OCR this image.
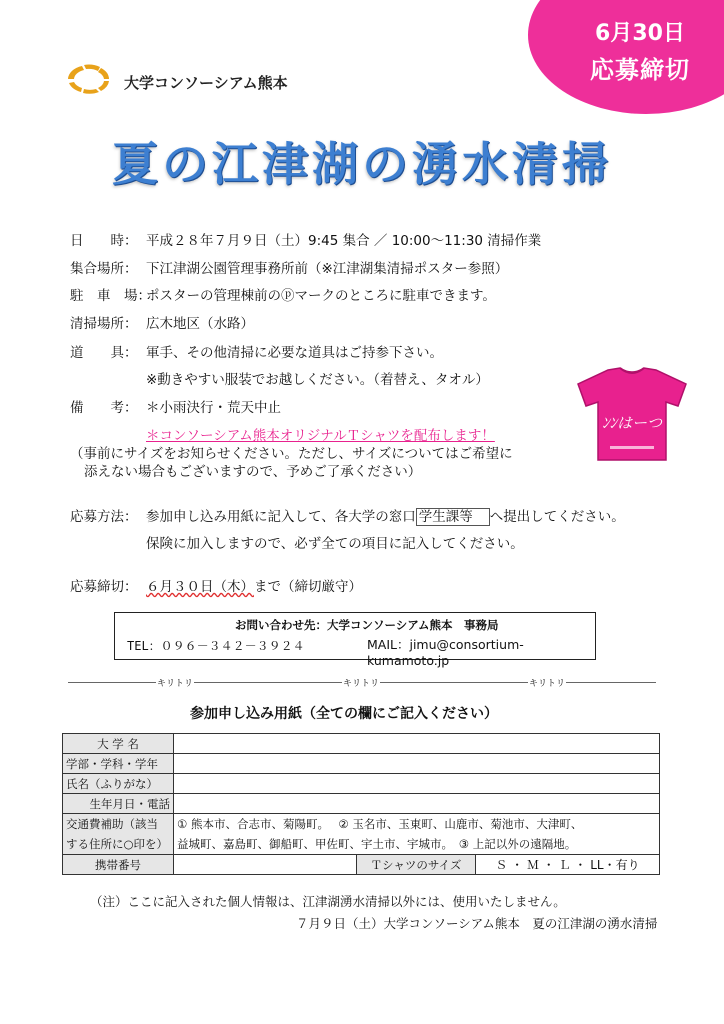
6月30日
応募締切
大学コンソーシアム熊本
夏の江津湖の湧水清掃
日　　時： 平成２８年７月９日（土）9:45 集合 ／ 10:00～11:30 清掃作業
集合場所： 下江津湖公園管理事務所前（※江津湖集清掃ポスター参照）
駐　車　場：ポスターの管理棟前のⓟマークのところに駐車できます。
清掃場所： 広木地区（水路）
道　　具： 軍手、その他清掃に必要な道具はご持参下さい。
※動きやすい服装でお越しください。（着替え、タオル）
備　　考： ＊小雨決行・荒天中止
＊コンソーシアム熊本オリジナルＴシャツを配布します！
（事前にサイズをお知らせください。ただし、サイズについてはご希望に
添えない場合もございますので、予めご了承ください）
ﾝﾝはーつ
応募方法： 参加申し込み用紙に記入して、各大学の窓口 学生課等 へ提出してください。
保険に加入しますので、必ず全ての項目に記入してください。
応募締切： ６月３０日（木）まで（締切厳守）
お問い合わせ先：大学コンソーシアム熊本　事務局
TEL：０９６－３４２－３９２４	MAIL：jimu@consortium-kumamoto.jp
キリトリ	キリトリ	キリトリ
参加申し込み用紙（全ての欄にご記入ください）
大 学 名			
学部・学科・学年			
氏名（ふりがな）			
生年月日・電話			
交通費補助（該当
する住所に○印を）	① 熊本市、合志市、菊陽町。　 ② 玉名市、玉東町、山鹿市、菊池市、大津町、
益城町、嘉島町、御船町、甲佐町、宇土市、宇城市。　③ 上記以外の遠隔地。		
携帯番号		Ｔシャツのサイズ	Ｓ ・ Ｍ ・ Ｌ ・ LL・有り
（注）ここに記入された個人情報は、江津湖湧水清掃以外には、使用いたしません。
７月９日（土）大学コンソーシアム熊本　夏の江津湖の湧水清掃
